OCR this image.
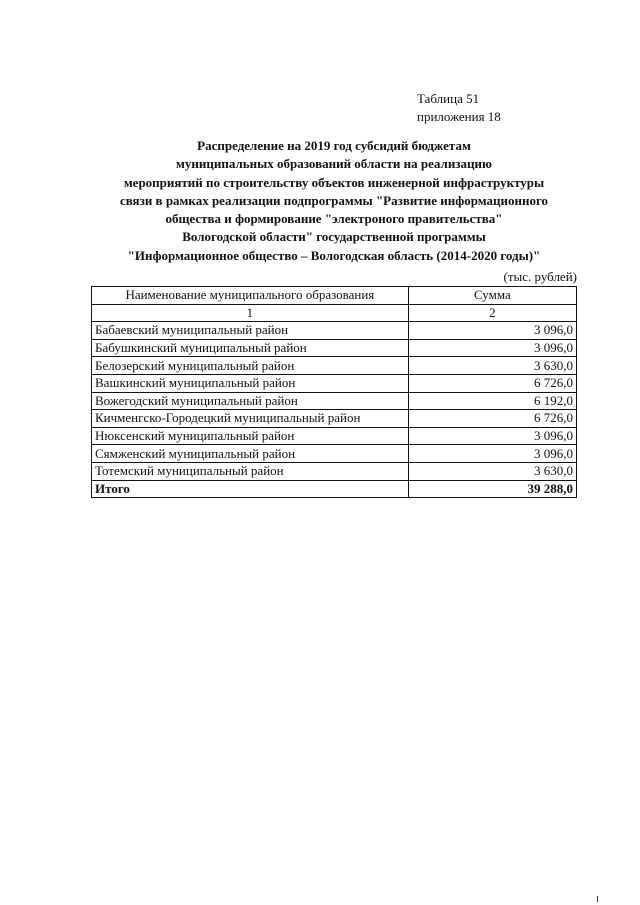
Таблица 51
приложения 18
Распределение на 2019 год субсидий бюджетам
муниципальных образований области на реализацию
мероприятий по строительству объектов инженерной инфраструктуры
связи в рамках реализации подпрограммы "Развитие информационного
общества и формирование "электроного правительства"
Вологодской области" государственной программы
"Информационное общество – Вологодская область (2014-2020 годы)"
(тыс. рублей)
Наименование муниципального образования	Сумма
1	2
Бабаевский муниципальный район	3 096,0
Бабушкинский муниципальный район	3 096,0
Белозерский муниципальный район	3 630,0
Вашкинский муниципальный район	6 726,0
Вожегодский муниципальный район	6 192,0
Кичменгско-Городецкий муниципальный район	6 726,0
Нюксенский муниципальный район	3 096,0
Сямженский муниципальный район	3 096,0
Тотемский муниципальный район	3 630,0
Итого	39 288,0
